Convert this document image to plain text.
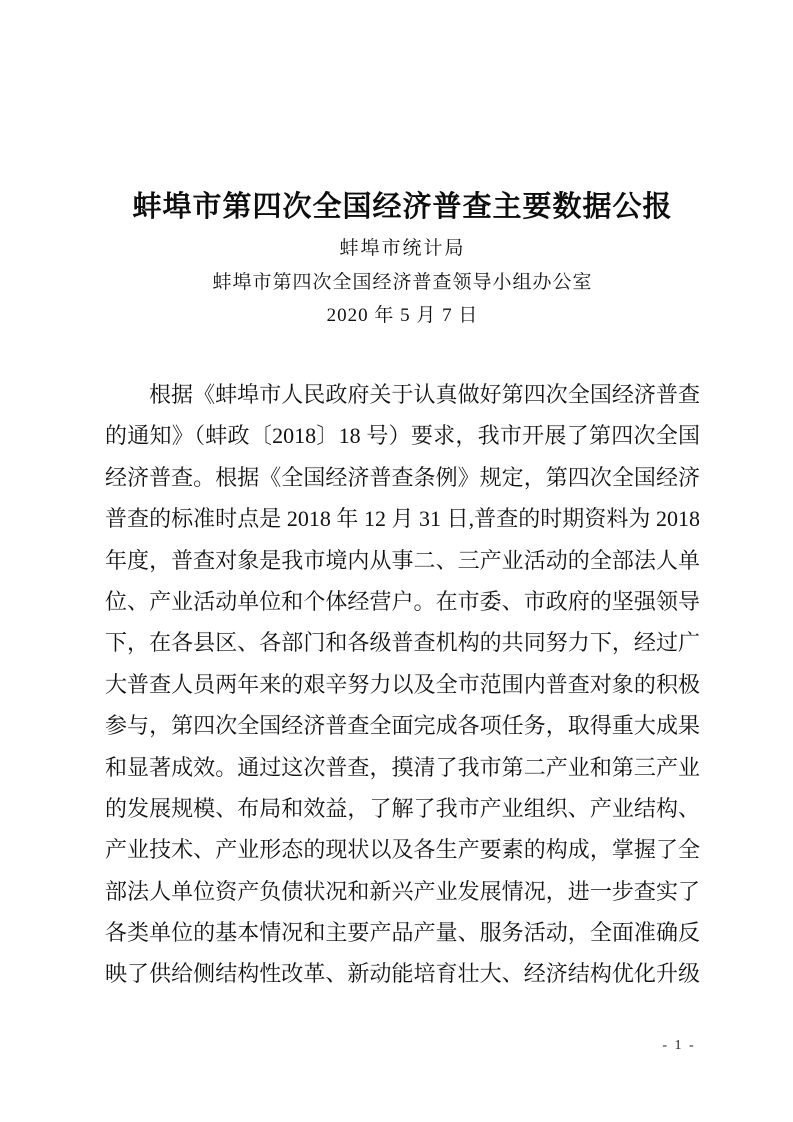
蚌埠市第四次全国经济普查主要数据公报
蚌埠市统计局
蚌埠市第四次全国经济普查领导小组办公室
2020 年 5 月 7 日
根据《蚌埠市人民政府关于认真做好第四次全国经济普查
的通知》（蚌政〔2018〕18 号）要求，我市开展了第四次全国
经济普查。根据《全国经济普查条例》规定，第四次全国经济
普查的标准时点是 2018 年 12 月 31 日,普查的时期资料为 2018
年度，普查对象是我市境内从事二、三产业活动的全部法人单
位、产业活动单位和个体经营户。在市委、市政府的坚强领导
下，在各县区、各部门和各级普查机构的共同努力下，经过广
大普查人员两年来的艰辛努力以及全市范围内普查对象的积极
参与，第四次全国经济普查全面完成各项任务，取得重大成果
和显著成效。通过这次普查，摸清了我市第二产业和第三产业
的发展规模、布局和效益，了解了我市产业组织、产业结构、
产业技术、产业形态的现状以及各生产要素的构成，掌握了全
部法人单位资产负债状况和新兴产业发展情况，进一步查实了
各类单位的基本情况和主要产品产量、服务活动，全面准确反
映了供给侧结构性改革、新动能培育壮大、经济结构优化升级
- 1 -
